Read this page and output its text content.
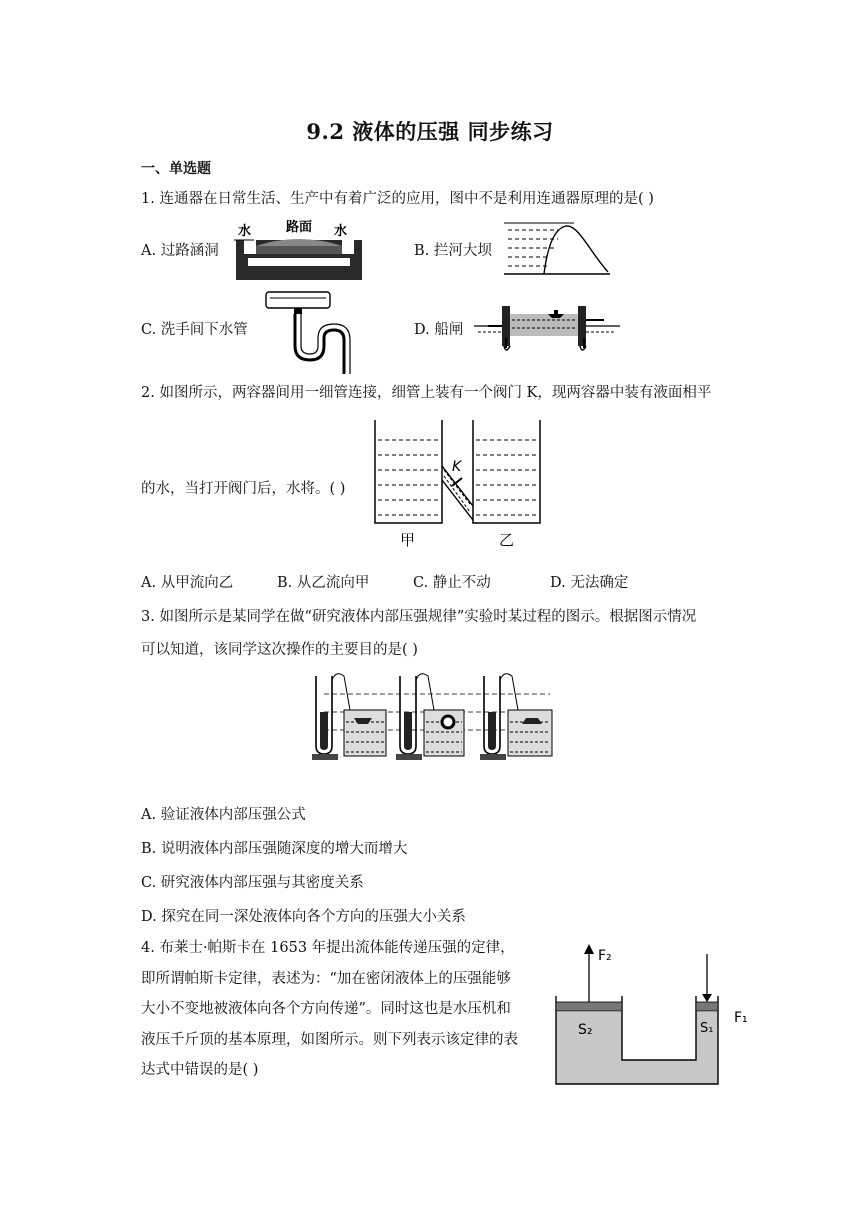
9.2 液体的压强 同步练习
一、单选题
1. 连通器在日常生活、生产中有着广泛的应用，图中不是利用连通器原理的是( )
A. 过路涵洞	B. 拦河大坝
C. 洗手间下水管	D. 船闸
水	路面 水
2. 如图所示，两容器间用一细管连接，细管上装有一个阀门 K，现两容器中装有液面相平
的水，当打开阀门后，水将。( )
K
甲	乙
A. 从甲流向乙	B. 从乙流向甲	C. 静止不动	D. 无法确定
3. 如图所示是某同学在做“研究液体内部压强规律”实验时某过程的图示。根据图示情况
可以知道，该同学这次操作的主要目的是( )
A. 验证液体内部压强公式
B. 说明液体内部压强随深度的增大而增大
C. 研究液体内部压强与其密度关系
D. 探究在同一深处液体向各个方向的压强大小关系
4. 布莱士·帕斯卡在 1653 年提出流体能传递压强的定律，
即所谓帕斯卡定律，表述为：“加在密闭液体上的压强能够
大小不变地被液体向各个方向传递”。同时这也是水压机和
液压千斤顶的基本原理，如图所示。则下列表示该定律的表
达式中错误的是( )
F₂
F₁
S₂	S₁
